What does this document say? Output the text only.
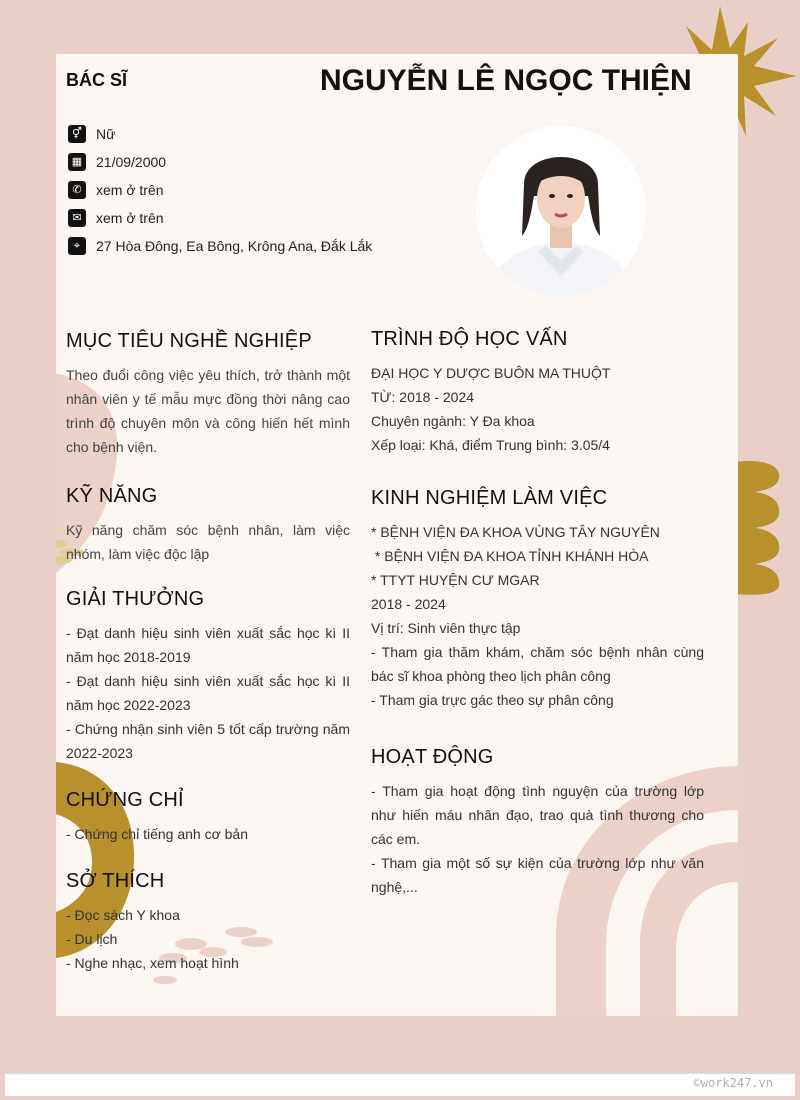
BÁC SĨ	NGUYỄN LÊ NGỌC THIỆN
⚥ Nữ
▦ 21/09/2000
✆	xem ở trên
✉	xem ở trên
⌖	27 Hòa Đông, Ea Bông, Krông Ana, Đắk Lắk
MỤC TIÊU NGHỀ NGHIỆP
Theo đuổi công việc yêu thích, trở thành một nhân viên y tế mẫu mực đồng thời nâng cao trình độ chuyên môn và công hiến hết mình cho bệnh viện.
KỸ NĂNG
Kỹ năng chăm sóc bệnh nhân, làm việc nhóm, làm việc độc lập
GIẢI THƯỞNG
- Đạt danh hiệu sinh viên xuất sắc học kì II năm học 2018-2019
- Đạt danh hiệu sinh viên xuất sắc học kì II năm học 2022-2023
- Chứng nhận sinh viên 5 tốt cấp trường năm 2022-2023
CHỨNG CHỈ
- Chứng chỉ tiếng anh cơ bản
SỞ THÍCH
- Đọc sách Y khoa
- Du lịch
- Nghe nhạc, xem hoạt hình
TRÌNH ĐỘ HỌC VẤN
ĐẠI HỌC Y DƯỢC BUÔN MA THUỘT
TỪ: 2018 - 2024
Chuyên ngành: Y Đa khoa
Xếp loại: Khá, điểm Trung bình: 3.05/4
KINH NGHIỆM LÀM VIỆC
* BỆNH VIỆN ĐA KHOA VÙNG TÂY NGUYÊN
* BỆNH VIỆN ĐA KHOA TỈNH KHÁNH HÒA
* TTYT HUYỆN CƯ MGAR
2018 - 2024
Vị trí: Sinh viên thực tập
- Tham gia thăm khám, chăm sóc bệnh nhân cùng bác sĩ khoa phòng theo lịch phân công
- Tham gia trực gác theo sự phân công
HOẠT ĐỘNG
- Tham gia hoạt động tình nguyện của trường lớp như hiến máu nhân đạo, trao quà tình thương cho các em.
- Tham gia một số sự kiện của trường lớp như văn nghệ,...
©work247.vn
